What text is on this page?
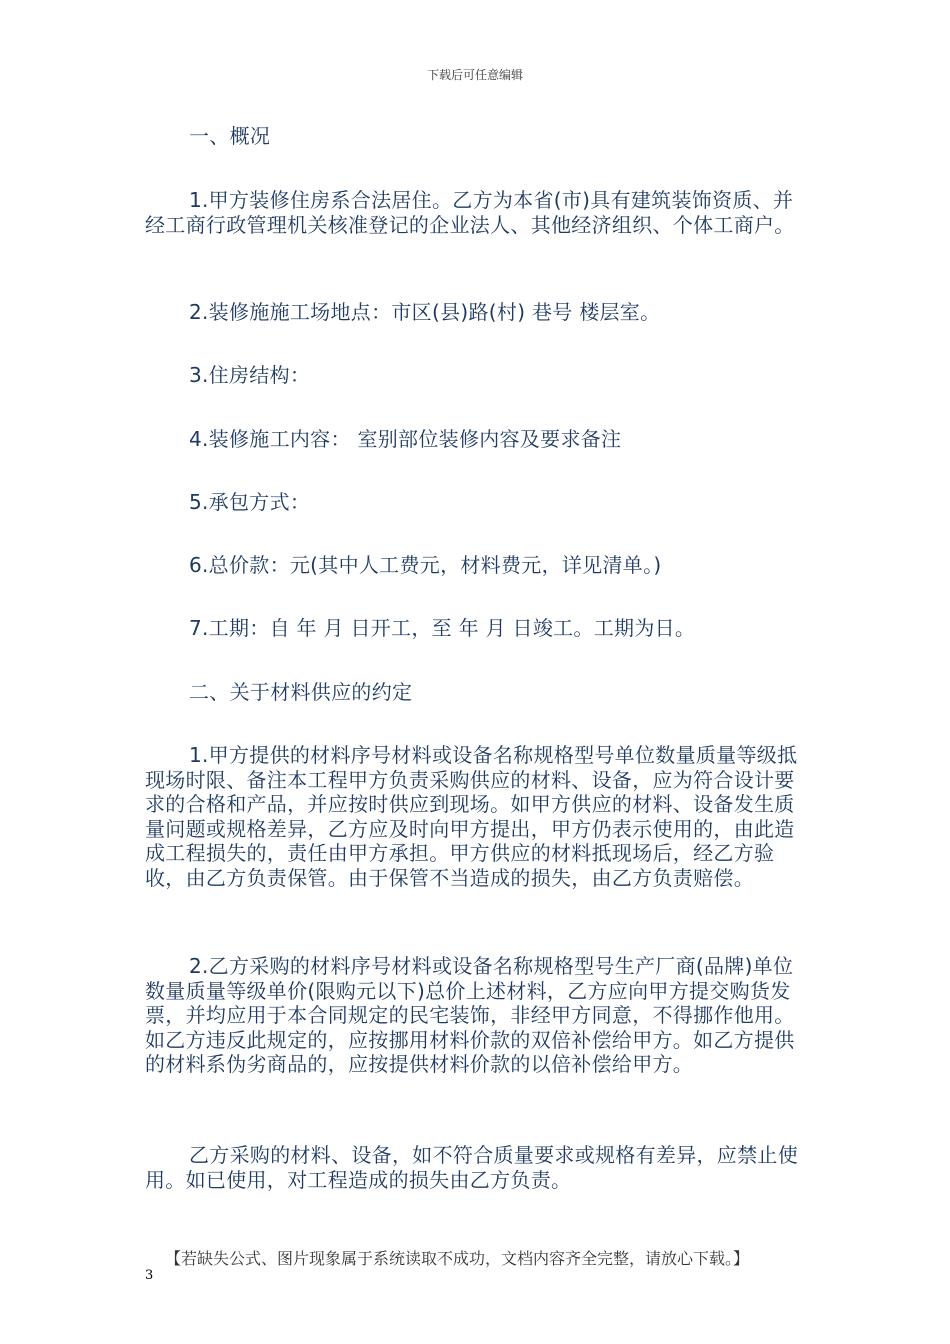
下载后可任意编辑

一、概况

1.甲方装修住房系合法居住。乙方为本省(市)具有建筑装饰资质、并经工商行政管理机关核准登记的企业法人、其他经济组织、个体工商户。

2.装修施施工场地点：市区(县)路(村) 巷号 楼层室。

3.住房结构：

4.装修施工内容： 室别部位装修内容及要求备注

5.承包方式：

6.总价款：元(其中人工费元，材料费元，详见清单。)

7.工期：自 年 月 日开工，至 年 月 日竣工。工期为日。

二、关于材料供应的约定

1.甲方提供的材料序号材料或设备名称规格型号单位数量质量等级抵现场时限、备注本工程甲方负责采购供应的材料、设备，应为符合设计要求的合格和产品，并应按时供应到现场。如甲方供应的材料、设备发生质量问题或规格差异，乙方应及时向甲方提出，甲方仍表示使用的，由此造成工程损失的，责任由甲方承担。甲方供应的材料抵现场后，经乙方验收，由乙方负责保管。由于保管不当造成的损失，由乙方负责赔偿。

2.乙方采购的材料序号材料或设备名称规格型号生产厂商(品牌)单位数量质量等级单价(限购元以下)总价上述材料，乙方应向甲方提交购货发票，并均应用于本合同规定的民宅装饰，非经甲方同意，不得挪作他用。如乙方违反此规定的，应按挪用材料价款的双倍补偿给甲方。如乙方提供的材料系伪劣商品的，应按提供材料价款的以倍补偿给甲方。

乙方采购的材料、设备，如不符合质量要求或规格有差异，应禁止使用。如已使用，对工程造成的损失由乙方负责。

【若缺失公式、图片现象属于系统读取不成功，文档内容齐全完整，请放心下载。】
3
